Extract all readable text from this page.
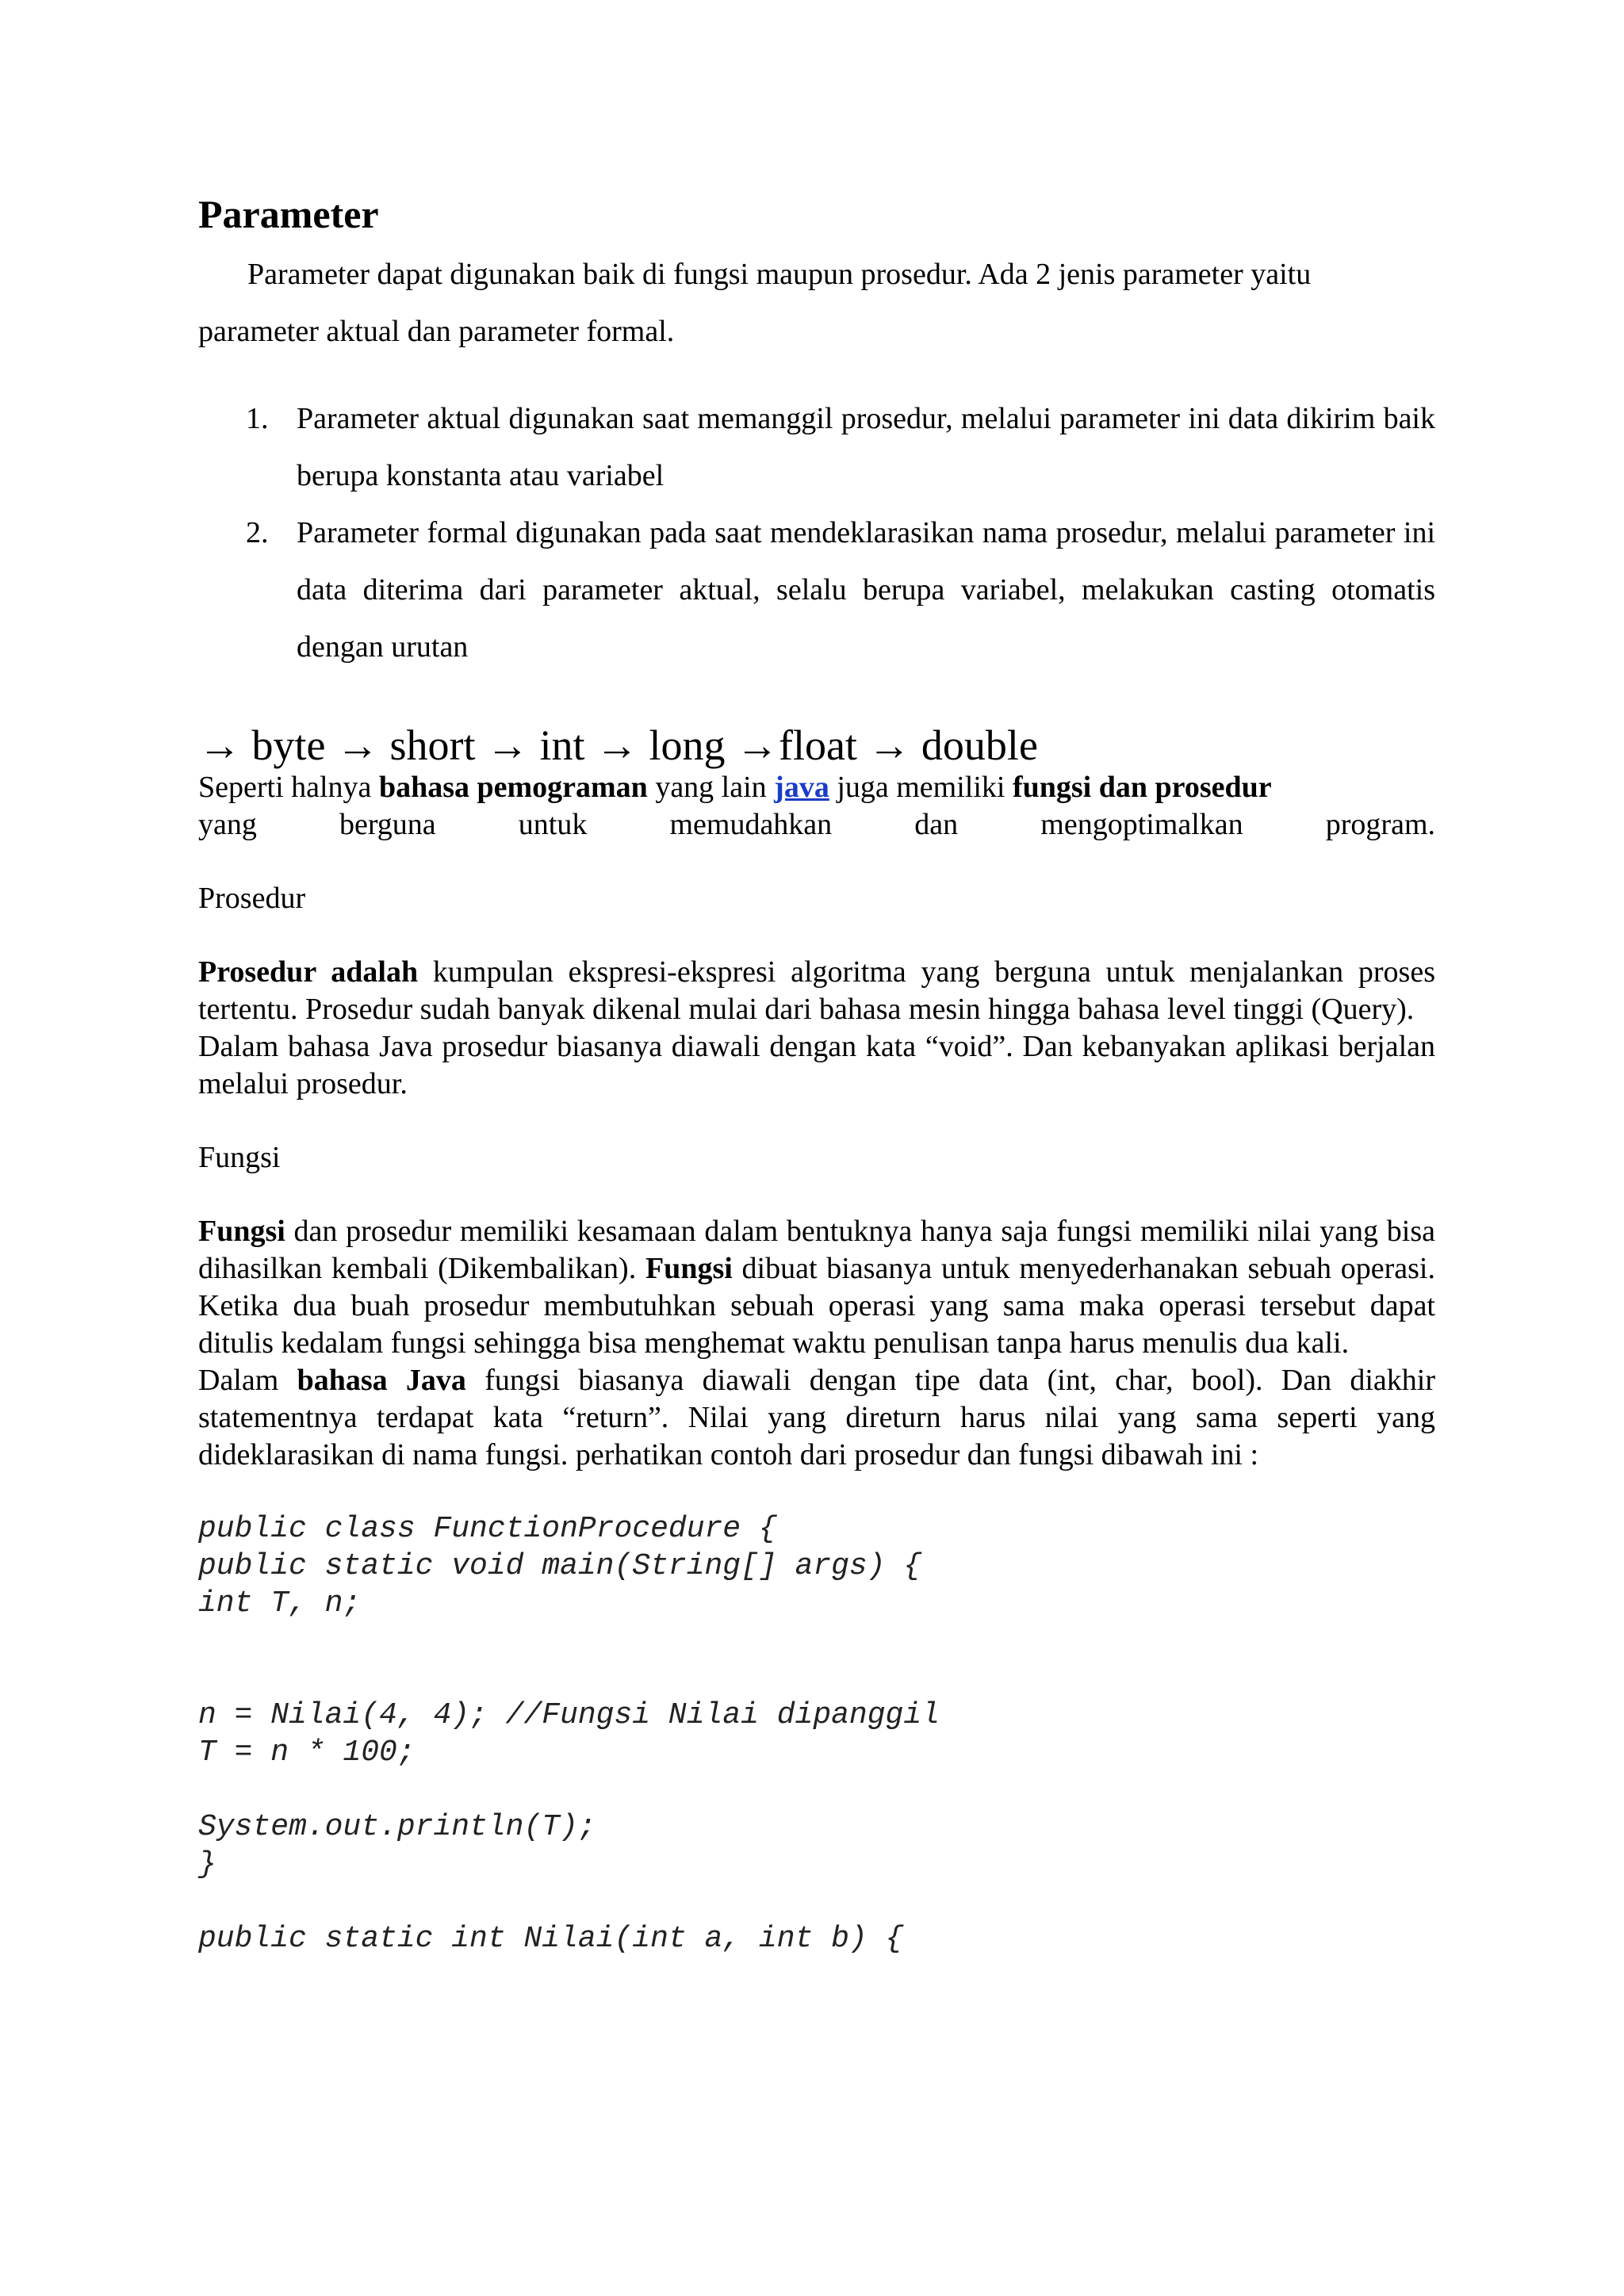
Parameter

Parameter dapat digunakan baik di fungsi maupun prosedur. Ada 2 jenis parameter yaitu parameter aktual dan parameter formal.

1. Parameter aktual digunakan saat memanggil prosedur, melalui parameter ini data dikirim baik berupa konstanta atau variabel
2. Parameter formal digunakan pada saat mendeklarasikan nama prosedur, melalui parameter ini data diterima dari parameter aktual, selalu berupa variabel, melakukan casting otomatis dengan urutan

→ byte → short → int → long →float → double

Seperti halnya bahasa pemograman yang lain java juga memiliki fungsi dan prosedur

yang berguna untuk memudahkan dan mengoptimalkan program.

Prosedur

Prosedur adalah kumpulan ekspresi-ekspresi algoritma yang berguna untuk menjalankan proses tertentu. Prosedur sudah banyak dikenal mulai dari bahasa mesin hingga bahasa level tinggi (Query).

Dalam bahasa Java prosedur biasanya diawali dengan kata “void”. Dan kebanyakan aplikasi berjalan melalui prosedur.

Fungsi

Fungsi dan prosedur memiliki kesamaan dalam bentuknya hanya saja fungsi memiliki nilai yang bisa dihasilkan kembali (Dikembalikan). Fungsi dibuat biasanya untuk menyederhanakan sebuah operasi. Ketika dua buah prosedur membutuhkan sebuah operasi yang sama maka operasi tersebut dapat ditulis kedalam fungsi sehingga bisa menghemat waktu penulisan tanpa harus menulis dua kali.

Dalam bahasa Java fungsi biasanya diawali dengan tipe data (int, char, bool). Dan diakhir statementnya terdapat kata “return”. Nilai yang direturn harus nilai yang sama seperti yang dideklarasikan di nama fungsi. perhatikan contoh dari prosedur dan fungsi dibawah ini :

public class FunctionProcedure {
public static void main(String[] args) {
int T, n;
n = Nilai(4, 4); //Fungsi Nilai dipanggil
T = n * 100;
System.out.println(T);
}
public static int Nilai(int a, int b) {
